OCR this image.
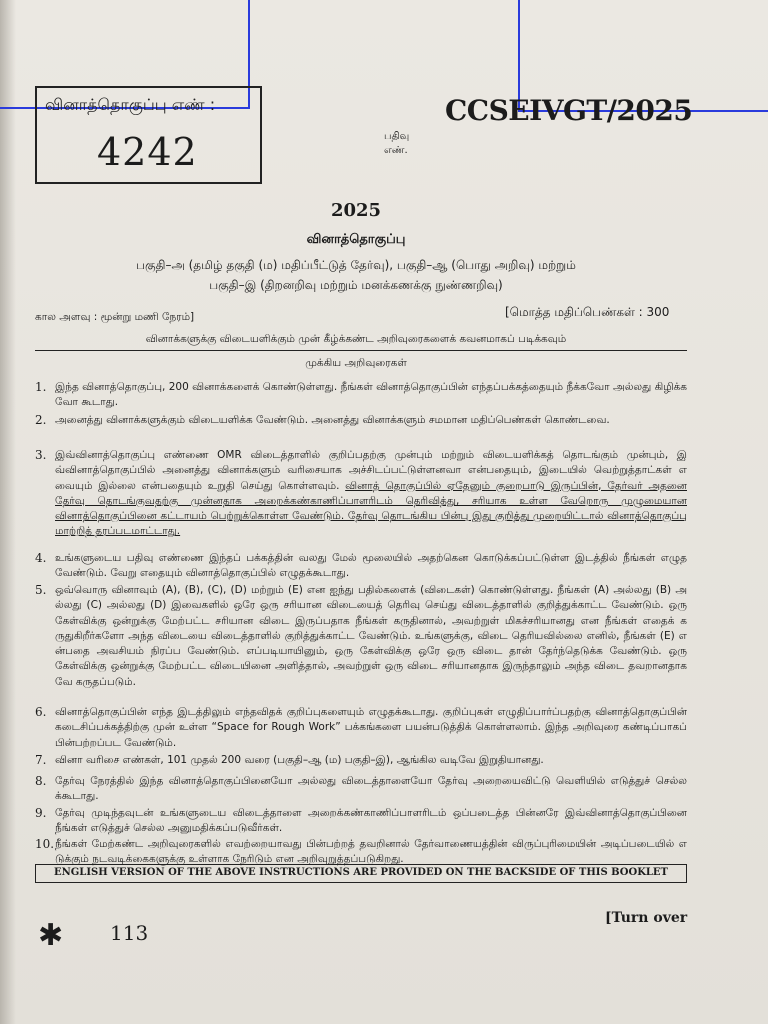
வினாத்தொகுப்பு எண் :
4242
CCSEIVGT/2025
பதிவு
எண்.
2025
வினாத்தொகுப்பு
பகுதி–அ (தமிழ் தகுதி (ம) மதிப்பீட்டுத் தேர்வு), பகுதி–ஆ (பொது அறிவு) மற்றும்
பகுதி–இ (திறனறிவு மற்றும் மனக்கணக்கு நுண்ணறிவு)
கால அளவு : மூன்று மணி நேரம்]	[மொத்த மதிப்பெண்கள் : 300
வினாக்களுக்கு விடையளிக்கும் முன் கீழ்க்கண்ட அறிவுரைகளைக் கவனமாகப் படிக்கவும்
முக்கிய அறிவுரைகள்
1. இந்த வினாத்தொகுப்பு, 200 வினாக்களைக் கொண்டுள்ளது. நீங்கள் வினாத்தொகுப்பின் எந்தப்பக்கத்தையும் நீக்கவோ அல்லது கிழிக்கவோ கூடாது.
2. அனைத்து வினாக்களுக்கும் விடையளிக்க வேண்டும். அனைத்து வினாக்களும் சமமான மதிப்பெண்கள் கொண்டவை.
3. இவ்வினாத்தொகுப்பு எண்ணை OMR விடைத்தாளில் குறிப்பதற்கு முன்பும் மற்றும் விடையளிக்கத் தொடங்கும் முன்பும், இவ்வினாத்தொகுப்பில் அனைத்து வினாக்களும் வரிசையாக அச்சிடப்பட்டுள்ளனவா என்பதையும், இடையில் வெற்றுத்தாட்கள் எவையும் இல்லை என்பதையும் உறுதி செய்து கொள்ளவும். வினாத் தொகுப்பில் ஏதேனும் குறைபாடு இருப்பின், தேர்வர் அதனை தேர்வு தொடங்குவதற்கு முன்னதாக அறைக்கண்காணிப்பாளரிடம் தெரிவித்து, சரியாக உள்ள வேறொரு முழுமையான வினாத்தொகுப்பினை கட்டாயம் பெற்றுக்கொள்ள வேண்டும். தேர்வு தொடங்கிய பின்பு இது குறித்து முறையிட்டால் வினாத்தொகுப்பு மாற்றித் தரப்படமாட்டாது.
4. உங்களுடைய பதிவு எண்ணை இந்தப் பக்கத்தின் வலது மேல் மூலையில் அதற்கென கொடுக்கப்பட்டுள்ள இடத்தில் நீங்கள் எழுத வேண்டும். வேறு எதையும் வினாத்தொகுப்பில் எழுதக்கூடாது.
5. ஒவ்வொரு வினாவும் (A), (B), (C), (D) மற்றும் (E) என ஐந்து பதில்களைக் (விடைகள்) கொண்டுள்ளது. நீங்கள் (A) அல்லது (B) அல்லது (C) அல்லது (D) இவைகளில் ஒரே ஒரு சரியான விடையைத் தெரிவு செய்து விடைத்தாளில் குறித்துக்காட்ட வேண்டும். ஒரு கேள்விக்கு ஒன்றுக்கு மேற்பட்ட சரியான விடை இருப்பதாக நீங்கள் கருதினால், அவற்றுள் மிகச்சரியானது என நீங்கள் எதைக் கருதுகிறீர்களோ அந்த விடையை விடைத்தாளில் குறித்துக்காட்ட வேண்டும். உங்களுக்கு, விடை தெரியவில்லை எனில், நீங்கள் (E) என்பதை அவசியம் நிரப்ப வேண்டும். எப்படியாயினும், ஒரு கேள்விக்கு ஒரே ஒரு விடை தான் தேர்ந்தெடுக்க வேண்டும். ஒரு கேள்விக்கு ஒன்றுக்கு மேற்பட்ட விடையினை அளித்தால், அவற்றுள் ஒரு விடை சரியானதாக இருந்தாலும் அந்த விடை தவறானதாகவே கருதப்படும்.
6. வினாத்தொகுப்பின் எந்த இடத்திலும் எந்தவிதக் குறிப்புகளையும் எழுதக்கூடாது. குறிப்புகள் எழுதிப்பார்ப்பதற்கு வினாத்தொகுப்பின் கடைசிப்பக்கத்திற்கு முன் உள்ள “Space for Rough Work” பக்கங்களை பயன்படுத்திக் கொள்ளலாம். இந்த அறிவுரை கண்டிப்பாகப் பின்பற்றப்பட வேண்டும்.
7. வினா வரிசை எண்கள், 101 முதல் 200 வரை (பகுதி–ஆ (ம) பகுதி–இ), ஆங்கில வடிவே இறுதியானது.
8. தேர்வு நேரத்தில் இந்த வினாத்தொகுப்பினையோ அல்லது விடைத்தாளையோ தேர்வு அறையைவிட்டு வெளியில் எடுத்துச் செல்லக்கூடாது.
9. தேர்வு முடிந்தவுடன் உங்களுடைய விடைத்தாளை அறைக்கண்காணிப்பாளரிடம் ஒப்படைத்த பின்னரே இவ்வினாத்தொகுப்பினை நீங்கள் எடுத்துச் செல்ல அனுமதிக்கப்படுவீர்கள்.
10. நீங்கள் மேற்கண்ட அறிவுரைகளில் எவற்றையாவது பின்பற்றத் தவறினால் தேர்வாணையத்தின் விருப்புரிமையின் அடிப்படையில் எடுக்கும் நடவடிக்கைகளுக்கு உள்ளாக நேரிடும் என அறிவுறுத்தப்படுகிறது.
ENGLISH VERSION OF THE ABOVE INSTRUCTIONS ARE PROVIDED ON THE BACKSIDE OF THIS BOOKLET
✱ 113
[Turn over
